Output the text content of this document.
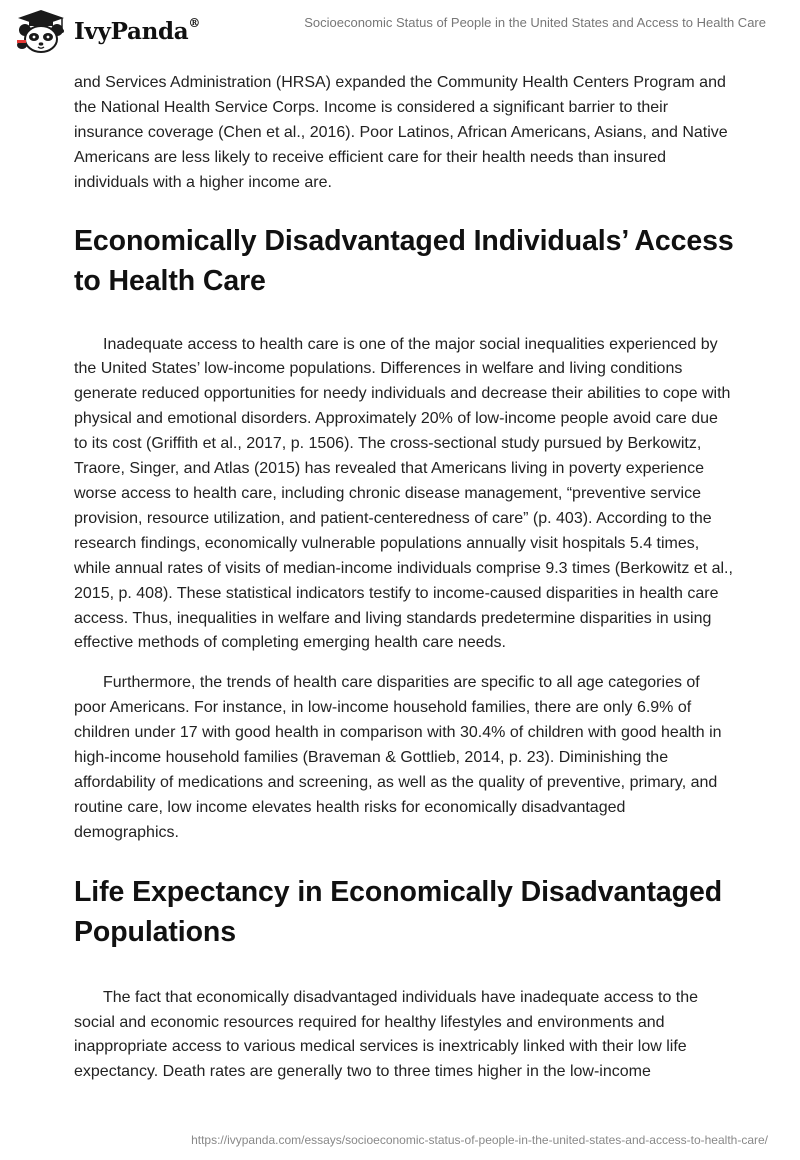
IvyPanda®	Socioeconomic Status of People in the United States and Access to Health Care

and Services Administration (HRSA) expanded the Community Health Centers Program and the National Health Service Corps. Income is considered a significant barrier to their insurance coverage (Chen et al., 2016). Poor Latinos, African Americans, Asians, and Native Americans are less likely to receive efficient care for their health needs than insured individuals with a higher income are.

Economically Disadvantaged Individuals’ Access to Health Care

Inadequate access to health care is one of the major social inequalities experienced by the United States’ low-income populations. Differences in welfare and living conditions generate reduced opportunities for needy individuals and decrease their abilities to cope with physical and emotional disorders. Approximately 20% of low-income people avoid care due to its cost (Griffith et al., 2017, p. 1506). The cross-sectional study pursued by Berkowitz, Traore, Singer, and Atlas (2015) has revealed that Americans living in poverty experience worse access to health care, including chronic disease management, “preventive service provision, resource utilization, and patient-centeredness of care” (p. 403). According to the research findings, economically vulnerable populations annually visit hospitals 5.4 times, while annual rates of visits of median-income individuals comprise 9.3 times (Berkowitz et al., 2015, p. 408). These statistical indicators testify to income-caused disparities in health care access. Thus, inequalities in welfare and living standards predetermine disparities in using effective methods of completing emerging health care needs.

Furthermore, the trends of health care disparities are specific to all age categories of poor Americans. For instance, in low-income household families, there are only 6.9% of children under 17 with good health in comparison with 30.4% of children with good health in high-income household families (Braveman & Gottlieb, 2014, p. 23). Diminishing the affordability of medications and screening, as well as the quality of preventive, primary, and routine care, low income elevates health risks for economically disadvantaged demographics.

Life Expectancy in Economically Disadvantaged Populations

The fact that economically disadvantaged individuals have inadequate access to the social and economic resources required for healthy lifestyles and environments and inappropriate access to various medical services is inextricably linked with their low life expectancy. Death rates are generally two to three times higher in the low-income

https://ivypanda.com/essays/socioeconomic-status-of-people-in-the-united-states-and-access-to-health-care/
